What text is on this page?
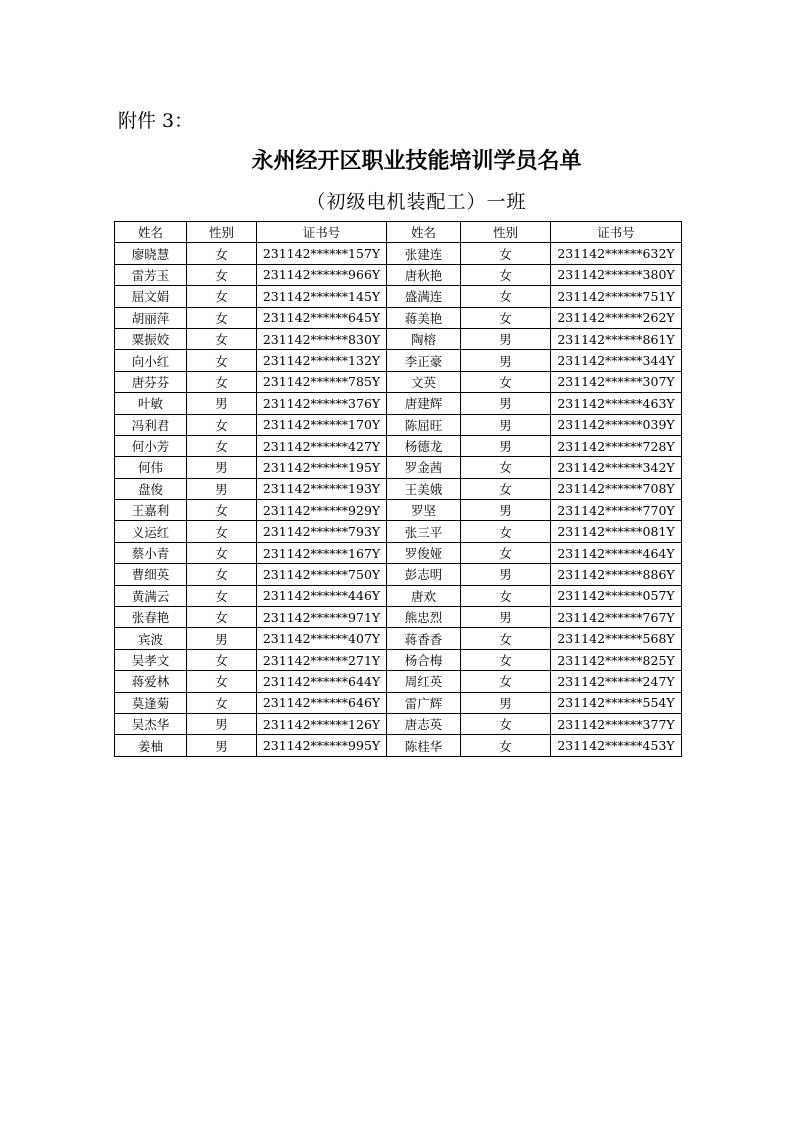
附件 3：
永州经开区职业技能培训学员名单
（初级电机装配工）一班
姓名	性别	证书号	姓名	性别	证书号
廖晓慧	女	231142******157Y	张建连	女	231142******632Y
雷芳玉	女	231142******966Y	唐秋艳	女	231142******380Y
屈文娟	女	231142******145Y	盛满连	女	231142******751Y
胡丽萍	女	231142******645Y	蒋美艳	女	231142******262Y
粟振姣	女	231142******830Y	陶榕	男	231142******861Y
向小红	女	231142******132Y	李正豪	男	231142******344Y
唐芬芬	女	231142******785Y	文英	女	231142******307Y
叶敏	男	231142******376Y	唐建辉	男	231142******463Y
冯利君	女	231142******170Y	陈屈旺	男	231142******039Y
何小芳	女	231142******427Y	杨德龙	男	231142******728Y
何伟	男	231142******195Y	罗金茜	女	231142******342Y
盘俊	男	231142******193Y	王美娥	女	231142******708Y
王嘉利	女	231142******929Y	罗坚	男	231142******770Y
义运红	女	231142******793Y	张三平	女	231142******081Y
蔡小青	女	231142******167Y	罗俊娅	女	231142******464Y
曹细英	女	231142******750Y	彭志明	男	231142******886Y
黄满云	女	231142******446Y	唐欢	女	231142******057Y
张春艳	女	231142******971Y	熊忠烈	男	231142******767Y
宾波	男	231142******407Y	蒋香香	女	231142******568Y
吴孝文	女	231142******271Y	杨合梅	女	231142******825Y
蒋爱林	女	231142******644Y	周红英	女	231142******247Y
莫逢菊	女	231142******646Y	雷广辉	男	231142******554Y
吴杰华	男	231142******126Y	唐志英	女	231142******377Y
姜柚	男	231142******995Y	陈桂华	女	231142******453Y
